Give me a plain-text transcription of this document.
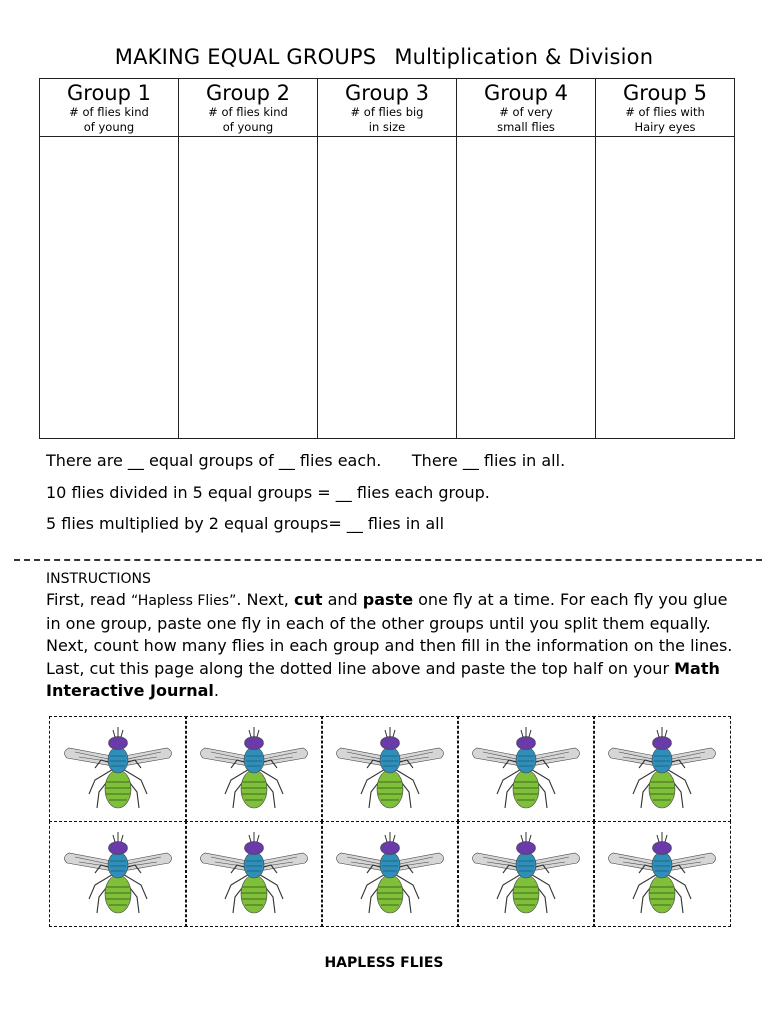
MAKING EQUAL GROUPS Multiplication & Division
Group 1
# of flies kind
of young	Group 2
# of flies kind
of young	Group 3
# of flies big
in size	Group 4
# of very
small flies	Group 5
# of flies with
Hairy eyes

There are __ equal groups of __ flies each. There __ flies in all.
10 flies divided in 5 equal groups = __ flies each group.
5 flies multiplied by 2 equal groups= __ flies in all
INSTRUCTIONS
First, read “Hapless Flies”. Next, cut and paste one fly at a time. For each fly you glue in one group, paste one fly in each of the other groups until you split them equally. Next, count how many flies in each group and then fill in the information on the lines. Last, cut this page along the dotted line above and paste the top half on your Math Interactive Journal.
HAPLESS FLIES
